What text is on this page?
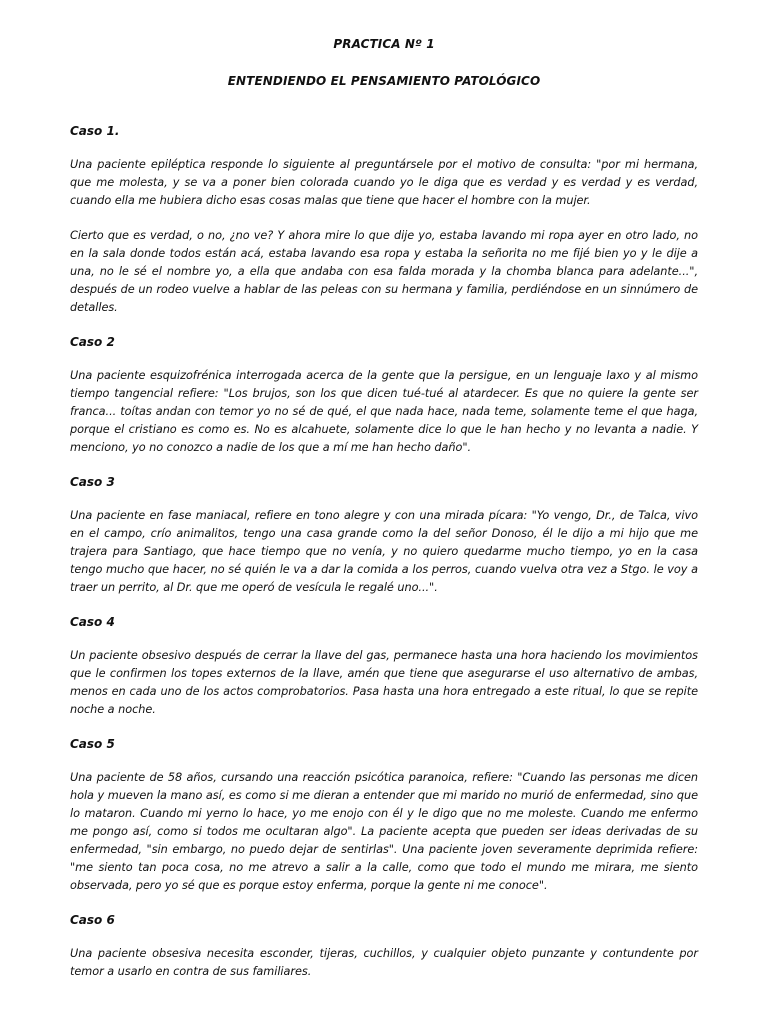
PRACTICA Nº 1
ENTENDIENDO EL PENSAMIENTO PATOLÓGICO
Caso 1.

Una paciente epiléptica responde lo siguiente al preguntársele por el motivo de consulta: "por mi hermana, que me molesta, y se va a poner bien colorada cuando yo le diga que es verdad y es verdad y es verdad, cuando ella me hubiera dicho esas cosas malas que tiene que hacer el hombre con la mujer.

Cierto que es verdad, o no, ¿no ve? Y ahora mire lo que dije yo, estaba lavando mi ropa ayer en otro lado, no en la sala donde todos están acá, estaba lavando esa ropa y estaba la señorita no me fijé bien yo y le dije a una, no le sé el nombre yo, a ella que andaba con esa falda morada y la chomba blanca para adelante...", después de un rodeo vuelve a hablar de las peleas con su hermana y familia, perdiéndose en un sinnúmero de detalles.

Caso 2

Una paciente esquizofrénica interrogada acerca de la gente que la persigue, en un lenguaje laxo y al mismo tiempo tangencial refiere: "Los brujos, son los que dicen tué-tué al atardecer. Es que no quiere la gente ser franca... toítas andan con temor yo no sé de qué, el que nada hace, nada teme, solamente teme el que haga, porque el cristiano es como es. No es alcahuete, solamente dice lo que le han hecho y no levanta a nadie. Y menciono, yo no conozco a nadie de los que a mí me han hecho daño".

Caso 3

Una paciente en fase maniacal, refiere en tono alegre y con una mirada pícara: "Yo vengo, Dr., de Talca, vivo en el campo, crío animalitos, tengo una casa grande como la del señor Donoso, él le dijo a mi hijo que me trajera para Santiago, que hace tiempo que no venía, y no quiero quedarme mucho tiempo, yo en la casa tengo mucho que hacer, no sé quién le va a dar la comida a los perros, cuando vuelva otra vez a Stgo. le voy a traer un perrito, al Dr. que me operó de vesícula le regalé uno...".

Caso 4

Un paciente obsesivo después de cerrar la llave del gas, permanece hasta una hora haciendo los movimientos que le confirmen los topes externos de la llave, amén que tiene que asegurarse el uso alternativo de ambas, menos en cada uno de los actos comprobatorios. Pasa hasta una hora entregado a este ritual, lo que se repite noche a noche.

Caso 5

Una paciente de 58 años, cursando una reacción psicótica paranoica, refiere: "Cuando las personas me dicen hola y mueven la mano así, es como si me dieran a entender que mi marido no murió de enfermedad, sino que lo mataron. Cuando mi yerno lo hace, yo me enojo con él y le digo que no me moleste. Cuando me enfermo me pongo así, como si todos me ocultaran algo". La paciente acepta que pueden ser ideas derivadas de su enfermedad, "sin embargo, no puedo dejar de sentirlas". Una paciente joven severamente deprimida refiere: "me siento tan poca cosa, no me atrevo a salir a la calle, como que todo el mundo me mirara, me siento observada, pero yo sé que es porque estoy enferma, porque la gente ni me conoce".

Caso 6

Una paciente obsesiva necesita esconder, tijeras, cuchillos, y cualquier objeto punzante y contundente por temor a usarlo en contra de sus familiares.
